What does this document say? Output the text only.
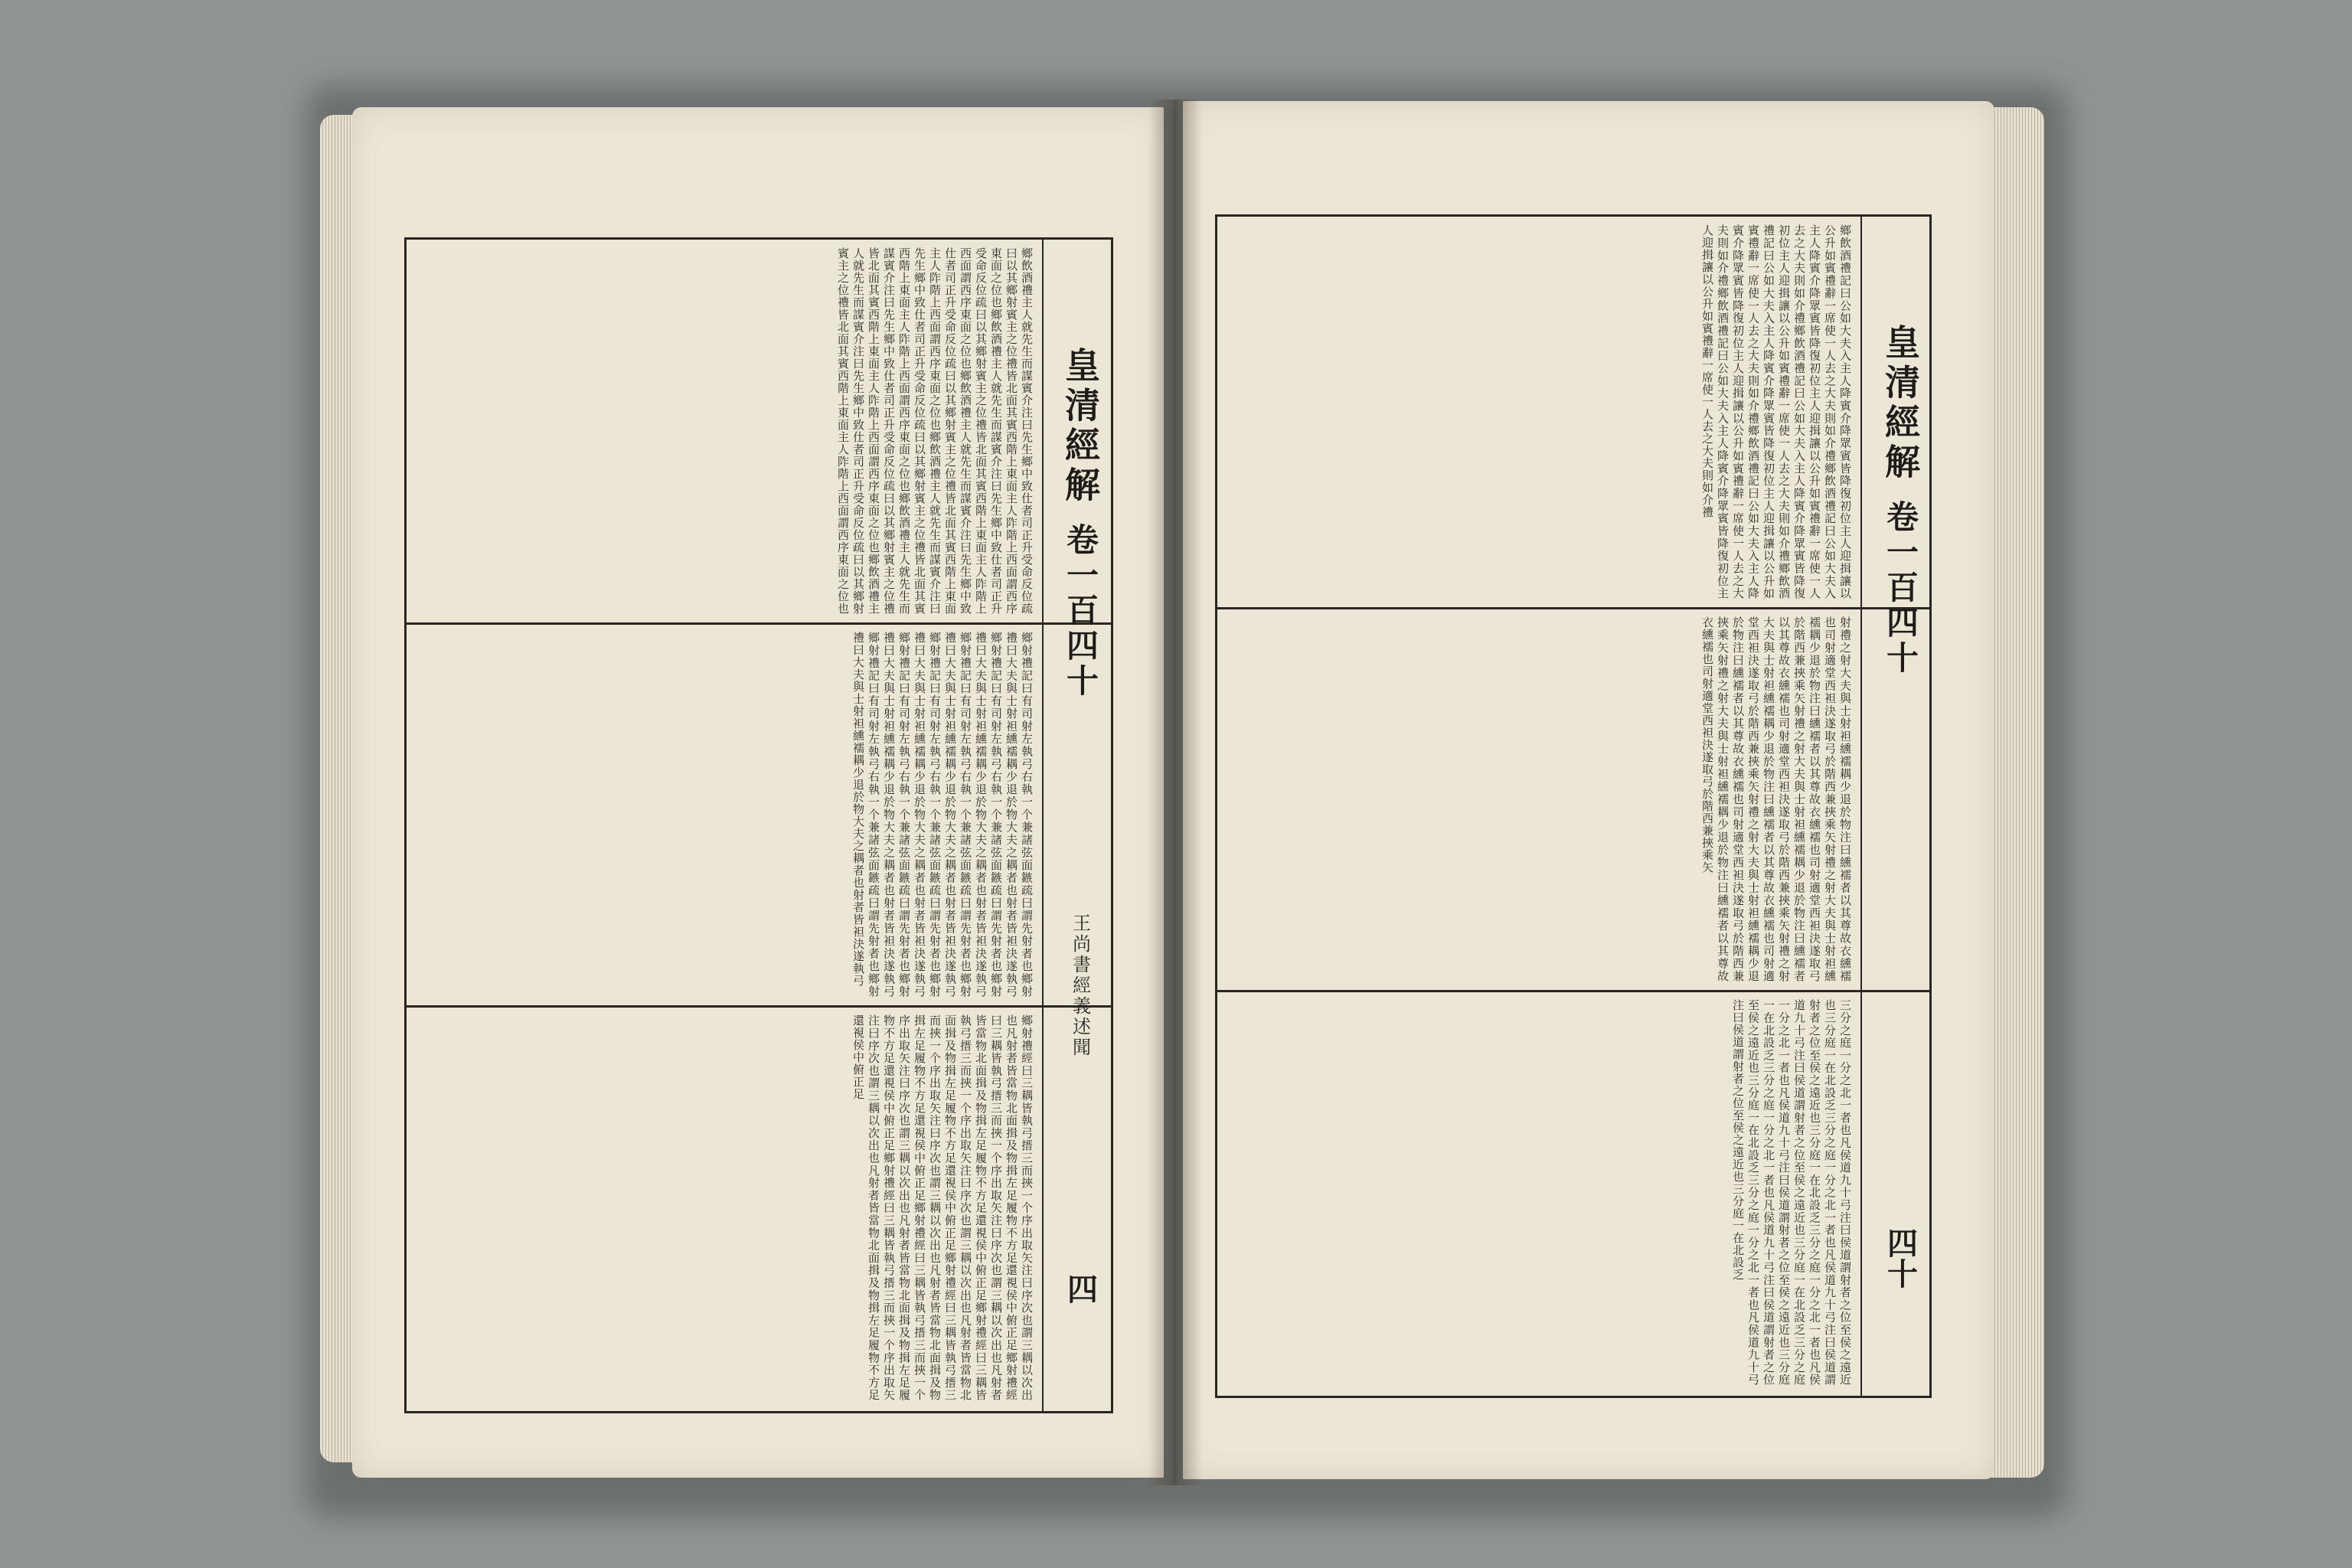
鄉飲酒禮主人就先生而謀賓介注曰先生鄉中致仕者司正升受命反位疏曰以其鄉射賓主之位禮皆北面其賓西階上東面主人阼階上西面謂西序東面之位也鄉飲酒禮主人就先生而謀賓介注曰先生鄉中致仕者司正升受命反位疏曰以其鄉射賓主之位禮皆北面其賓西階上東面主人阼階上西面謂西序東面之位也鄉飲酒禮主人就先生而謀賓介注曰先生鄉中致仕者司正升受命反位疏曰以其鄉射賓主之位禮皆北面其賓西階上東面主人阼階上西面謂西序東面之位也鄉飲酒禮主人就先生而謀賓介注曰先生鄉中致仕者司正升受命反位疏曰以其鄉射賓主之位禮皆北面其賓西階上東面主人阼階上西面謂西序東面之位也鄉飲酒禮主人就先生而謀賓介注曰先生鄉中致仕者司正升受命反位疏曰以其鄉射賓主之位禮皆北面其賓西階上東面主人阼階上西面謂西序東面之位也鄉飲酒禮主人就先生而謀賓介注曰先生鄉中致仕者司正升受命反位疏曰以其鄉射賓主之位禮皆北面其賓西階上東面主人阼階上西面謂西序東面之位也
鄉射禮記曰有司射左執弓右執一个兼諸弦面鏃疏曰謂先射者也鄉射禮曰大夫與士射袒纁襦耦少退於物大夫之耦者也射者皆袒決遂執弓鄉射禮記曰有司射左執弓右執一个兼諸弦面鏃疏曰謂先射者也鄉射禮曰大夫與士射袒纁襦耦少退於物大夫之耦者也射者皆袒決遂執弓鄉射禮記曰有司射左執弓右執一个兼諸弦面鏃疏曰謂先射者也鄉射禮曰大夫與士射袒纁襦耦少退於物大夫之耦者也射者皆袒決遂執弓鄉射禮記曰有司射左執弓右執一个兼諸弦面鏃疏曰謂先射者也鄉射禮曰大夫與士射袒纁襦耦少退於物大夫之耦者也射者皆袒決遂執弓鄉射禮記曰有司射左執弓右執一个兼諸弦面鏃疏曰謂先射者也鄉射禮曰大夫與士射袒纁襦耦少退於物大夫之耦者也射者皆袒決遂執弓鄉射禮記曰有司射左執弓右執一个兼諸弦面鏃疏曰謂先射者也鄉射禮曰大夫與士射袒纁襦耦少退於物大夫之耦者也射者皆袒決遂執弓
鄉射禮經曰三耦皆執弓搢三而挾一个序出取矢注曰序次也謂三耦以次出也凡射者皆當物北面揖及物揖左足履物不方足還視侯中俯正足鄉射禮經曰三耦皆執弓搢三而挾一个序出取矢注曰序次也謂三耦以次出也凡射者皆當物北面揖及物揖左足履物不方足還視侯中俯正足鄉射禮經曰三耦皆執弓搢三而挾一个序出取矢注曰序次也謂三耦以次出也凡射者皆當物北面揖及物揖左足履物不方足還視侯中俯正足鄉射禮經曰三耦皆執弓搢三而挾一个序出取矢注曰序次也謂三耦以次出也凡射者皆當物北面揖及物揖左足履物不方足還視侯中俯正足鄉射禮經曰三耦皆執弓搢三而挾一个序出取矢注曰序次也謂三耦以次出也凡射者皆當物北面揖及物揖左足履物不方足還視侯中俯正足鄉射禮經曰三耦皆執弓搢三而挾一个序出取矢注曰序次也謂三耦以次出也凡射者皆當物北面揖及物揖左足履物不方足還視侯中俯正足
皇清經解
卷一百四十
王尚書經義述聞
四
鄉飲酒禮記曰公如大夫入主人降賓介降眾賓皆降復初位主人迎揖讓以公升如賓禮辭一席使一人去之大夫則如介禮鄉飲酒禮記曰公如大夫入主人降賓介降眾賓皆降復初位主人迎揖讓以公升如賓禮辭一席使一人去之大夫則如介禮鄉飲酒禮記曰公如大夫入主人降賓介降眾賓皆降復初位主人迎揖讓以公升如賓禮辭一席使一人去之大夫則如介禮鄉飲酒禮記曰公如大夫入主人降賓介降眾賓皆降復初位主人迎揖讓以公升如賓禮辭一席使一人去之大夫則如介禮鄉飲酒禮記曰公如大夫入主人降賓介降眾賓皆降復初位主人迎揖讓以公升如賓禮辭一席使一人去之大夫則如介禮鄉飲酒禮記曰公如大夫入主人降賓介降眾賓皆降復初位主人迎揖讓以公升如賓禮辭一席使一人去之大夫則如介禮
射禮之射大夫與士射袒纁襦耦少退於物注曰纁襦者以其尊故衣纁襦也司射適堂西袒決遂取弓於階西兼挾乘矢射禮之射大夫與士射袒纁襦耦少退於物注曰纁襦者以其尊故衣纁襦也司射適堂西袒決遂取弓於階西兼挾乘矢射禮之射大夫與士射袒纁襦耦少退於物注曰纁襦者以其尊故衣纁襦也司射適堂西袒決遂取弓於階西兼挾乘矢射禮之射大夫與士射袒纁襦耦少退於物注曰纁襦者以其尊故衣纁襦也司射適堂西袒決遂取弓於階西兼挾乘矢射禮之射大夫與士射袒纁襦耦少退於物注曰纁襦者以其尊故衣纁襦也司射適堂西袒決遂取弓於階西兼挾乘矢射禮之射大夫與士射袒纁襦耦少退於物注曰纁襦者以其尊故衣纁襦也司射適堂西袒決遂取弓於階西兼挾乘矢
三分之庭一分之北一者也凡侯道九十弓注曰侯道謂射者之位至侯之遠近也三分庭一在北設乏三分之庭一分之北一者也凡侯道九十弓注曰侯道謂射者之位至侯之遠近也三分庭一在北設乏三分之庭一分之北一者也凡侯道九十弓注曰侯道謂射者之位至侯之遠近也三分庭一在北設乏三分之庭一分之北一者也凡侯道九十弓注曰侯道謂射者之位至侯之遠近也三分庭一在北設乏三分之庭一分之北一者也凡侯道九十弓注曰侯道謂射者之位至侯之遠近也三分庭一在北設乏三分之庭一分之北一者也凡侯道九十弓注曰侯道謂射者之位至侯之遠近也三分庭一在北設乏
皇清經解
卷一百四十
四十
